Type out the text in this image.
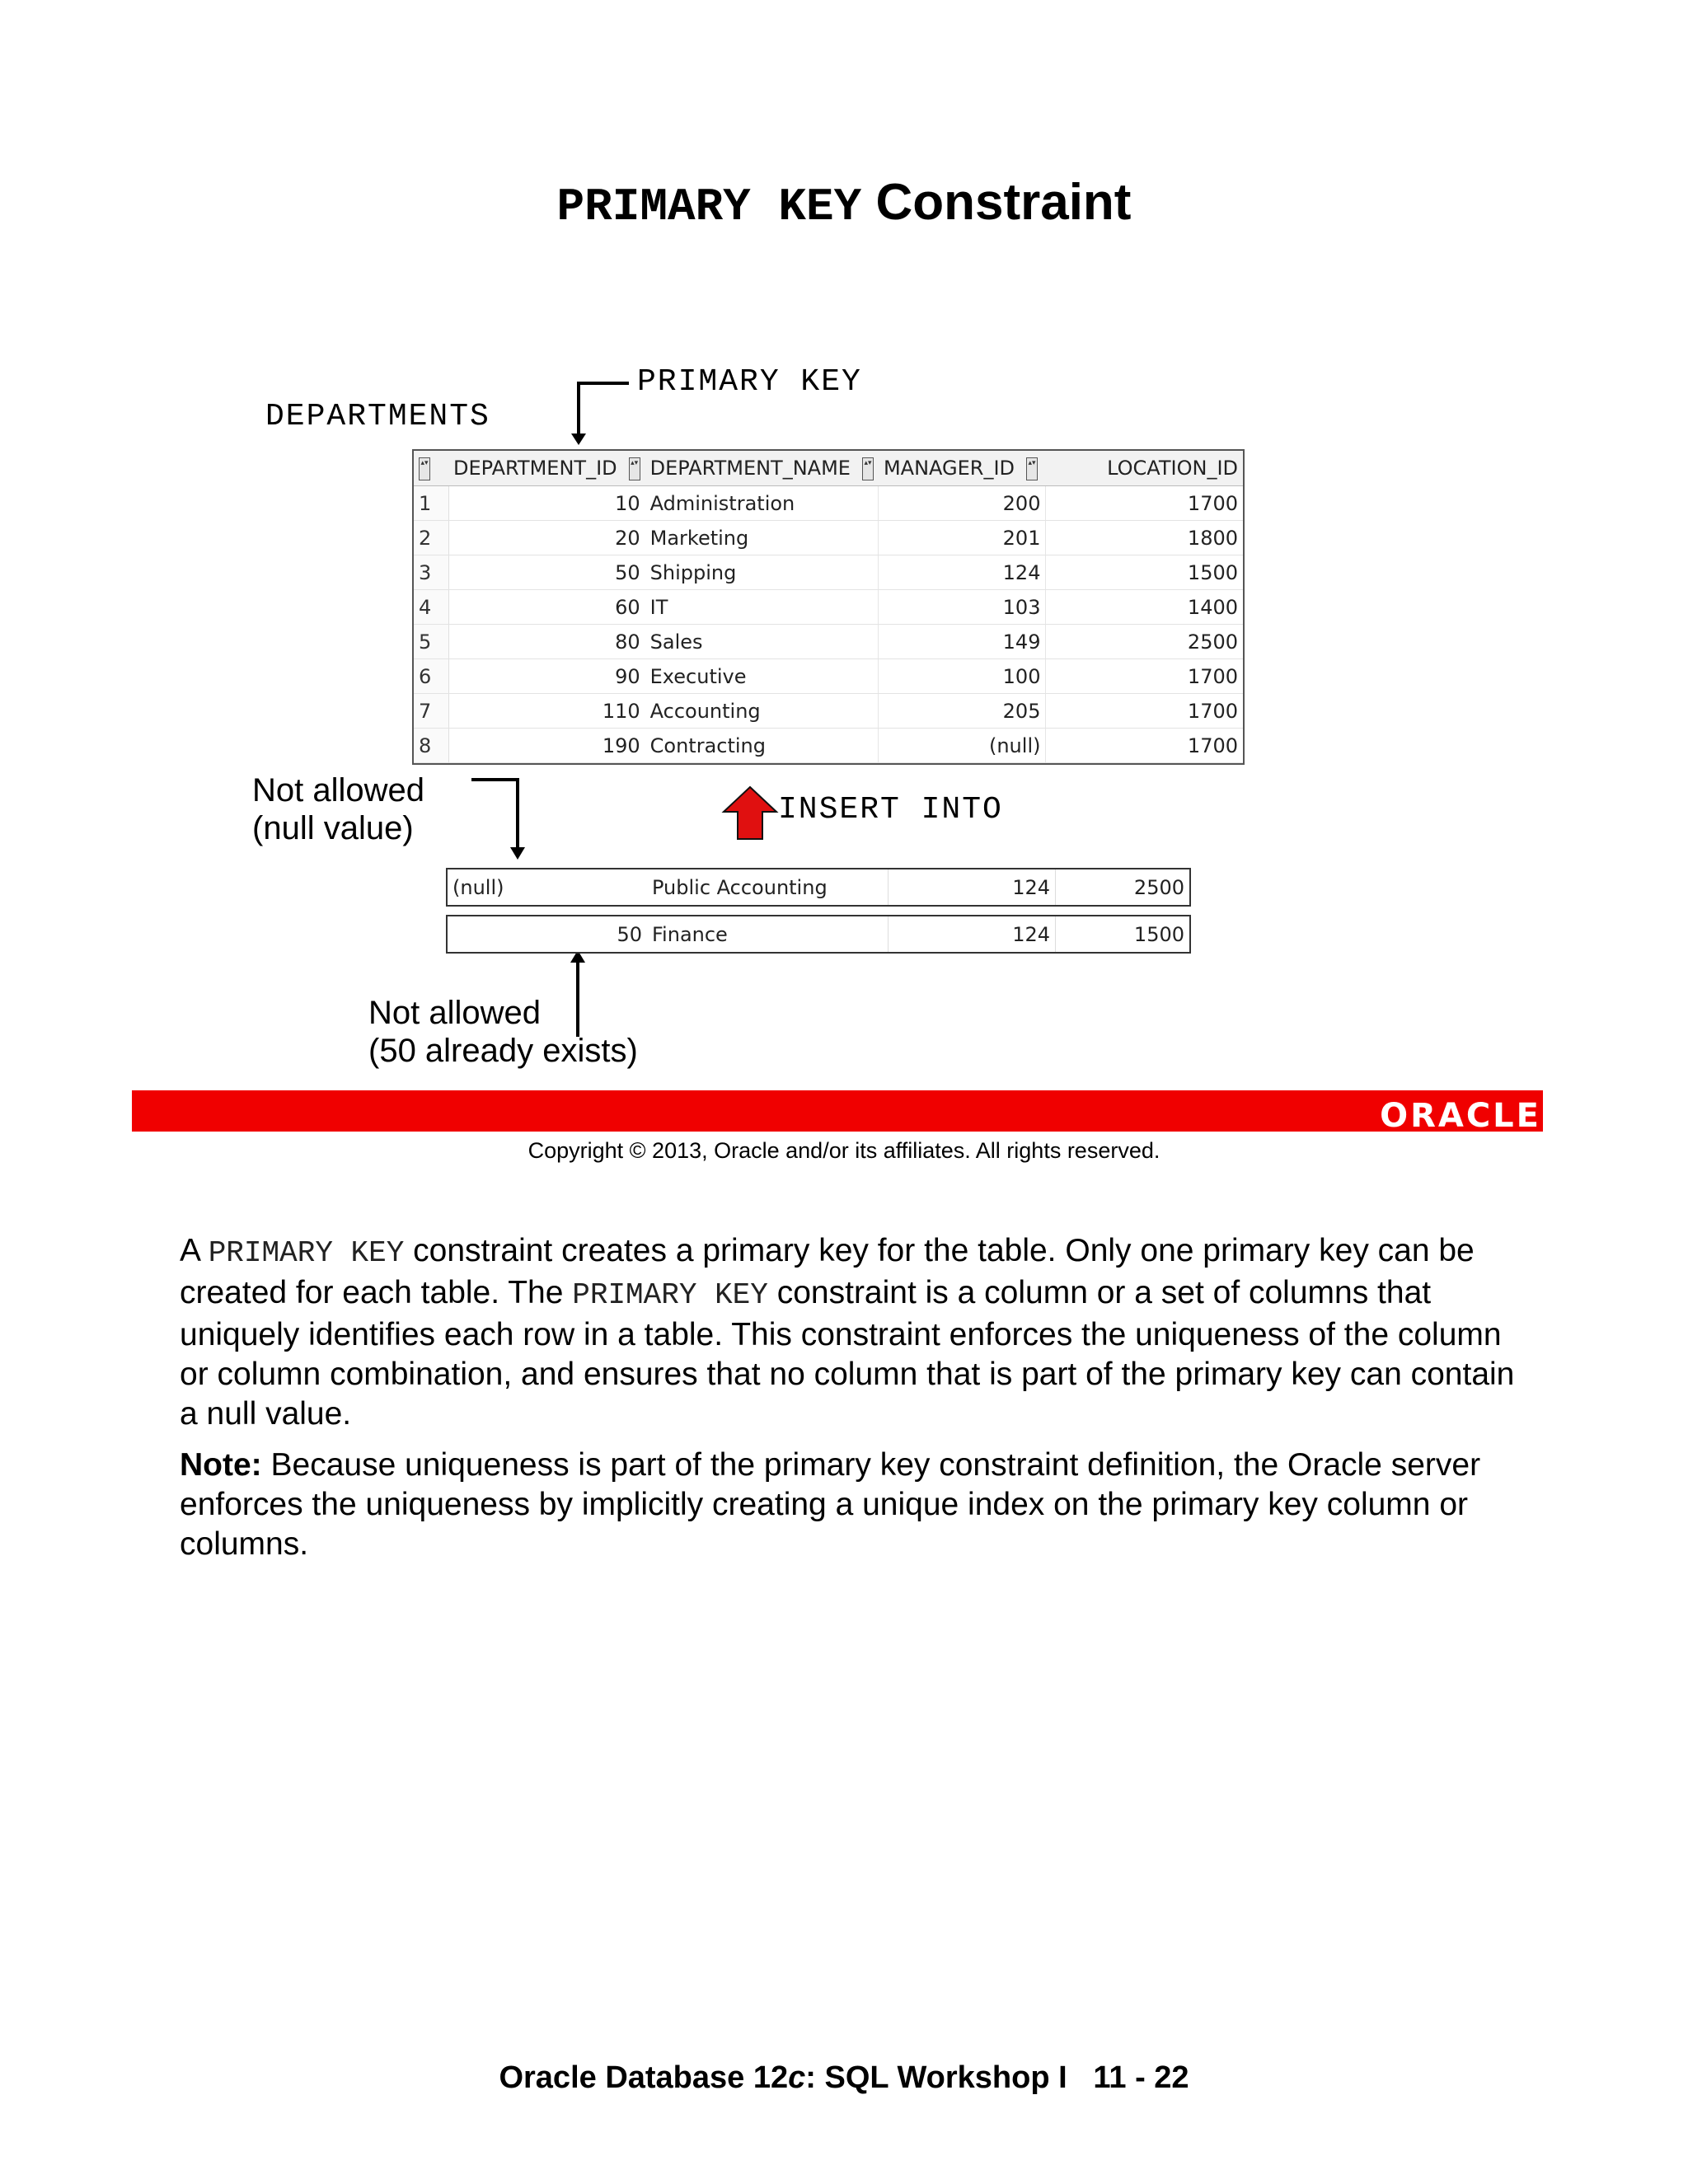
PRIMARY KEY Constraint
DEPARTMENTS
PRIMARY KEY
INSERT INTO
▴▾	DEPARTMENT_ID ▴▾	DEPARTMENT_NAME ▴▾	MANAGER_ID ▴▾	LOCATION_ID
1	10	Administration	200	1700
2	20	Marketing	201	1800
3	50	Shipping	124	1500
4	60	IT	103	1400
5	80	Sales	149	2500
6	90	Executive	100	1700
7	110	Accounting	205	1700
8	190	Contracting	(null)	1700
Not allowed
(null value)
(null)	Public Accounting	124	2500
50	Finance	124	1500
Not allowed
(50 already exists)
ORACLE
Copyright © 2013, Oracle and/or its affiliates. All rights reserved.

A PRIMARY KEY constraint creates a primary key for the table. Only one primary key can be created for each table. The PRIMARY KEY constraint is a column or a set of columns that uniquely identifies each row in a table. This constraint enforces the uniqueness of the column or column combination, and ensures that no column that is part of the primary key can contain a null value.

Note: Because uniqueness is part of the primary key constraint definition, the Oracle server enforces the uniqueness by implicitly creating a unique index on the primary key column or columns.

Oracle Database 12c: SQL Workshop I   11 - 22
